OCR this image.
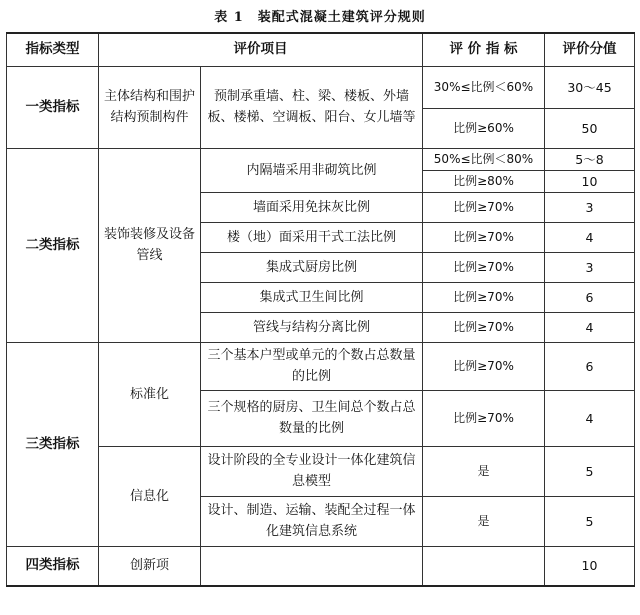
表 1　装配式混凝土建筑评分规则
指标类型	评价项目		评 价 指 标	评价分值
一类指标	主体结构和围护结构预制构件	预制承重墙、柱、梁、楼板、外墙板、楼梯、空调板、阳台、女儿墙等	30%≤比例＜60%	30～45
			比例≥60%	50
二类指标	装饰装修及设备管线	内隔墙采用非砌筑比例	50%≤比例＜80%	5～8
			比例≥80%	10
		墙面采用免抹灰比例	比例≥70%	3
		楼（地）面采用干式工法比例	比例≥70%	4
		集成式厨房比例	比例≥70%	3
		集成式卫生间比例	比例≥70%	6
		管线与结构分离比例	比例≥70%	4
三类指标	标准化	三个基本户型或单元的个数占总数量的比例	比例≥70%	6
		三个规格的厨房、卫生间总个数占总数量的比例	比例≥70%	4
	信息化	设计阶段的全专业设计一体化建筑信息模型	是	5
		设计、制造、运输、装配全过程一体化建筑信息系统	是	5
四类指标	创新项			10
